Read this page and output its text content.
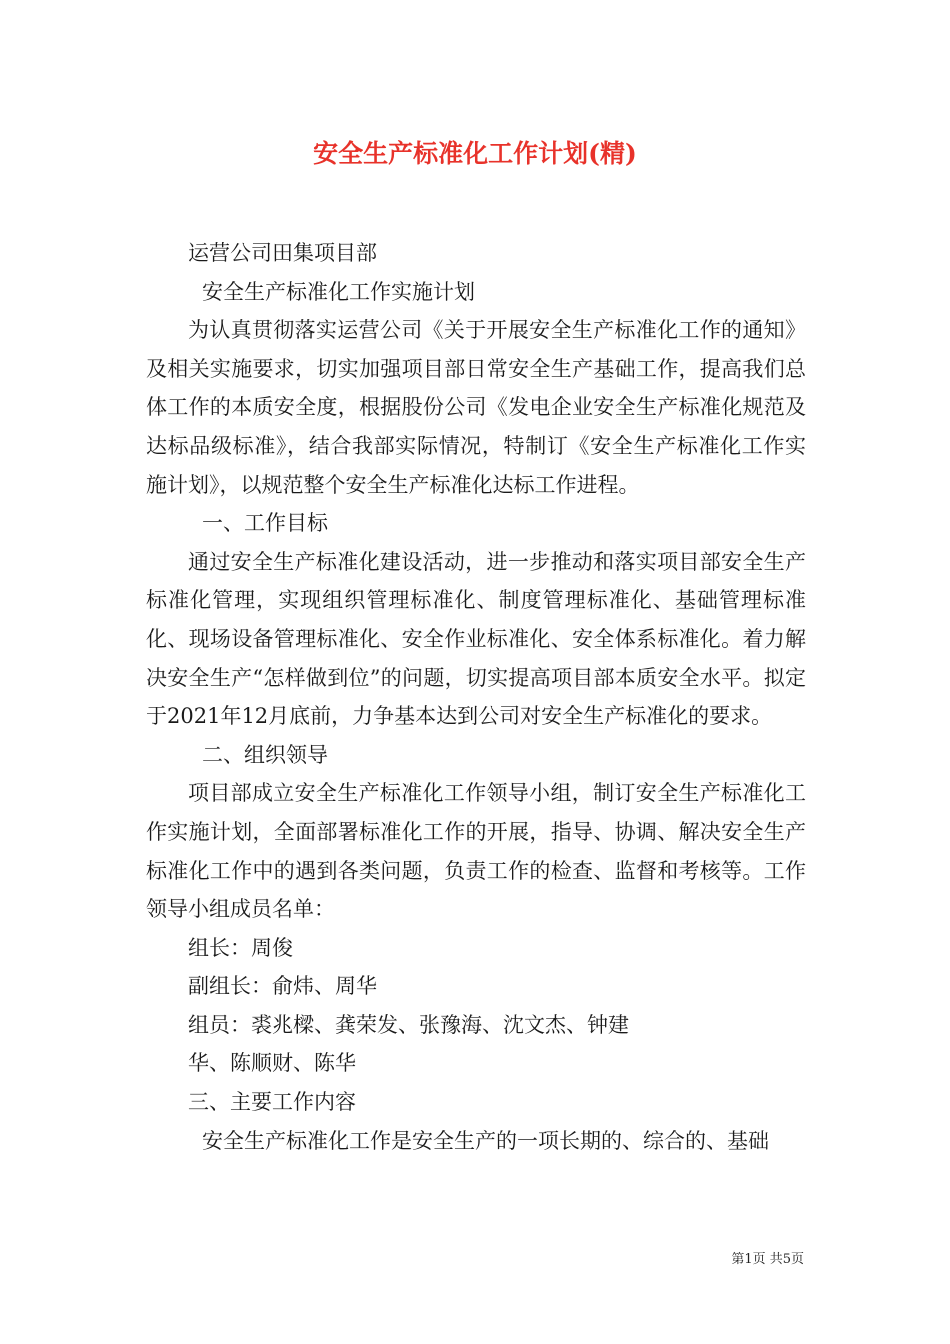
安全生产标准化工作计划(精)
运营公司田集项目部
安全生产标准化工作实施计划
为认真贯彻落实运营公司《关于开展安全生产标准化工作的通知》及相关实施要求，切实加强项目部日常安全生产基础工作，提高我们总体工作的本质安全度，根据股份公司《发电企业安全生产标准化规范及达标品级标准》，结合我部实际情况，特制订《安全生产标准化工作实施计划》，以规范整个安全生产标准化达标工作进程。
一、工作目标
通过安全生产标准化建设活动，进一步推动和落实项目部安全生产标准化管理，实现组织管理标准化、制度管理标准化、基础管理标准化、现场设备管理标准化、安全作业标准化、安全体系标准化。着力解决安全生产“怎样做到位”的问题，切实提高项目部本质安全水平。拟定于2021年12月底前，力争基本达到公司对安全生产标准化的要求。
二、组织领导
项目部成立安全生产标准化工作领导小组，制订安全生产标准化工作实施计划，全面部署标准化工作的开展，指导、协调、解决安全生产标准化工作中的遇到各类问题，负责工作的检查、监督和考核等。工作领导小组成员名单：
组长：周俊
副组长：俞炜、周华
组员：裘兆樑、龚荣发、张豫海、沈文杰、钟建
华、陈顺财、陈华
三、主要工作内容
安全生产标准化工作是安全生产的一项长期的、综合的、基础
第1页 共5页
